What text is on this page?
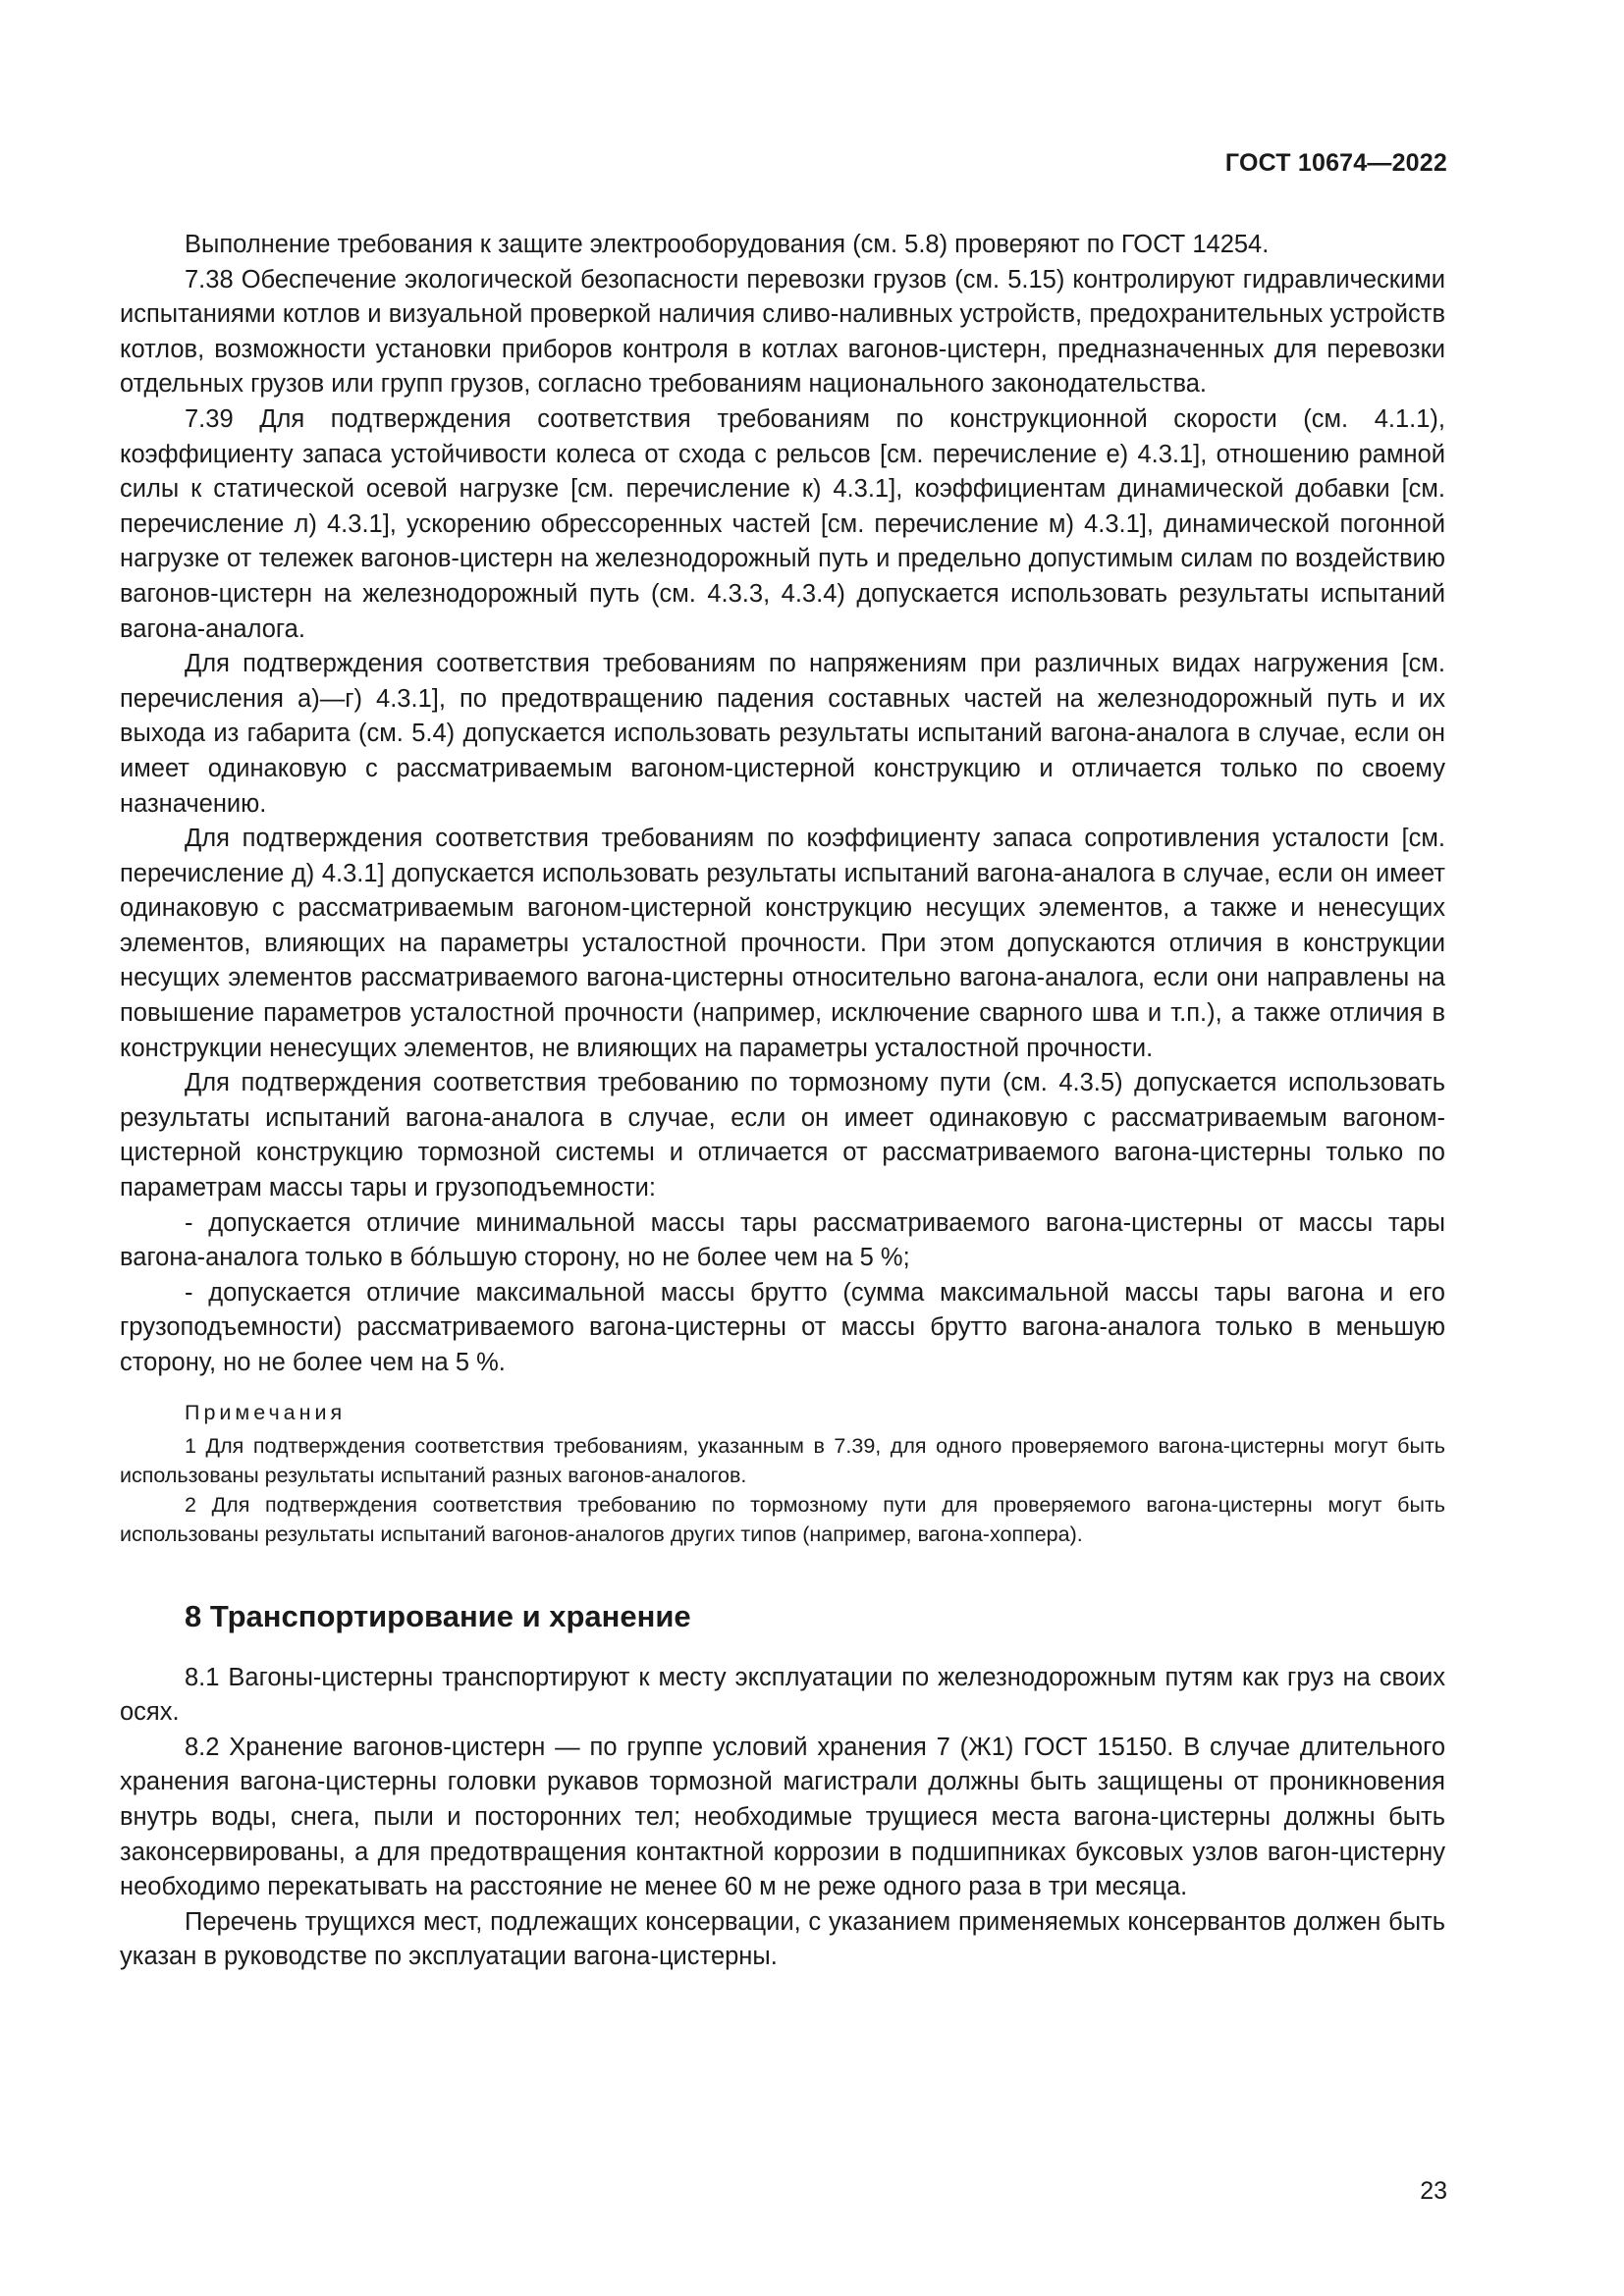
ГОСТ 10674—2022

Выполнение требования к защите электрооборудования (см. 5.8) проверяют по ГОСТ 14254.

7.38 Обеспечение экологической безопасности перевозки грузов (см. 5.15) контролируют гидравлическими испытаниями котлов и визуальной проверкой наличия сливо-наливных устройств, предохранительных устройств котлов, возможности установки приборов контроля в котлах вагонов-цистерн, предназначенных для перевозки отдельных грузов или групп грузов, согласно требованиям национального законодательства.

7.39 Для подтверждения соответствия требованиям по конструкционной скорости (см. 4.1.1), коэффициенту запаса устойчивости колеса от схода с рельсов [см. перечисление е) 4.3.1], отношению рамной силы к статической осевой нагрузке [см. перечисление к) 4.3.1], коэффициентам динамической добавки [см. перечисление л) 4.3.1], ускорению обрессоренных частей [см. перечисление м) 4.3.1], динамической погонной нагрузке от тележек вагонов-цистерн на железнодорожный путь и предельно допустимым силам по воздействию вагонов-цистерн на железнодорожный путь (см. 4.3.3, 4.3.4) допускается использовать результаты испытаний вагона-аналога.

Для подтверждения соответствия требованиям по напряжениям при различных видах нагружения [см. перечисления а)—г) 4.3.1], по предотвращению падения составных частей на железнодорожный путь и их выхода из габарита (см. 5.4) допускается использовать результаты испытаний вагона-аналога в случае, если он имеет одинаковую с рассматриваемым вагоном-цистерной конструкцию и отличается только по своему назначению.

Для подтверждения соответствия требованиям по коэффициенту запаса сопротивления усталости [см. перечисление д) 4.3.1] допускается использовать результаты испытаний вагона-аналога в случае, если он имеет одинаковую с рассматриваемым вагоном-цистерной конструкцию несущих элементов, а также и ненесущих элементов, влияющих на параметры усталостной прочности. При этом допускаются отличия в конструкции несущих элементов рассматриваемого вагона-цистерны относительно вагона-аналога, если они направлены на повышение параметров усталостной прочности (например, исключение сварного шва и т.п.), а также отличия в конструкции ненесущих элементов, не влияющих на параметры усталостной прочности.

Для подтверждения соответствия требованию по тормозному пути (см. 4.3.5) допускается использовать результаты испытаний вагона-аналога в случае, если он имеет одинаковую с рассматриваемым вагоном-цистерной конструкцию тормозной системы и отличается от рассматриваемого вагона-цистерны только по параметрам массы тары и грузоподъемности:

- допускается отличие минимальной массы тары рассматриваемого вагона-цистерны от массы тары вагона-аналога только в бóльшую сторону, но не более чем на 5 %;

- допускается отличие максимальной массы брутто (сумма максимальной массы тары вагона и его грузоподъемности) рассматриваемого вагона-цистерны от массы брутто вагона-аналога только в меньшую сторону, но не более чем на 5 %.

Примечания

1 Для подтверждения соответствия требованиям, указанным в 7.39, для одного проверяемого вагона-цистерны могут быть использованы результаты испытаний разных вагонов-аналогов.

2 Для подтверждения соответствия требованию по тормозному пути для проверяемого вагона-цистерны могут быть использованы результаты испытаний вагонов-аналогов других типов (например, вагона-хоппера).

8 Транспортирование и хранение

8.1 Вагоны-цистерны транспортируют к месту эксплуатации по железнодорожным путям как груз на своих осях.

8.2 Хранение вагонов-цистерн — по группе условий хранения 7 (Ж1) ГОСТ 15150. В случае длительного хранения вагона-цистерны головки рукавов тормозной магистрали должны быть защищены от проникновения внутрь воды, снега, пыли и посторонних тел; необходимые трущиеся места вагона-цистерны должны быть законсервированы, а для предотвращения контактной коррозии в подшипниках буксовых узлов вагон-цистерну необходимо перекатывать на расстояние не менее 60 м не реже одного раза в три месяца.

Перечень трущихся мест, подлежащих консервации, с указанием применяемых консервантов должен быть указан в руководстве по эксплуатации вагона-цистерны.

23
